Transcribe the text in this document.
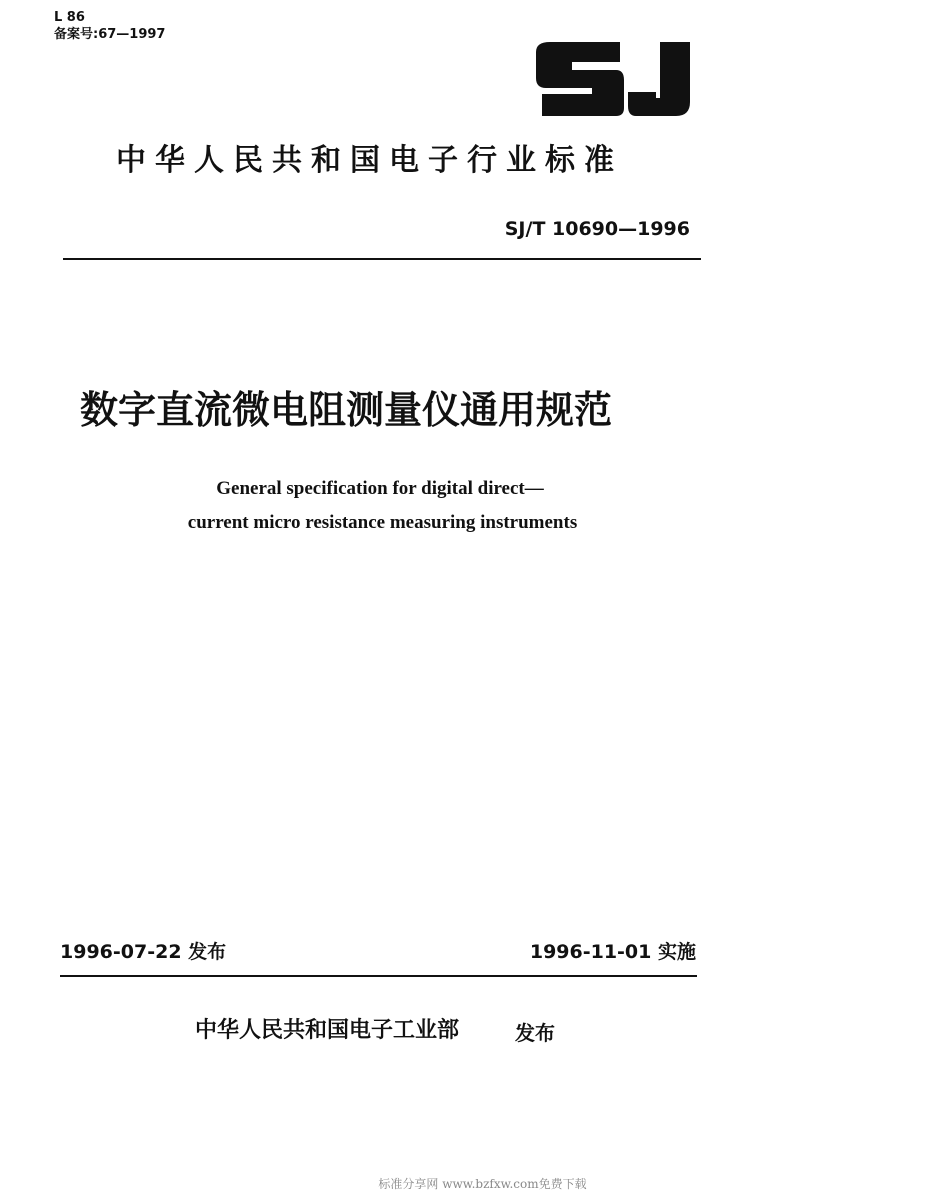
L 86
备案号:67—1997
中华人民共和国电子行业标准
SJ/T 10690—1996
数字直流微电阻测量仪通用规范
General specification for digital direct—
current micro resistance measuring instruments
1996-07-22 发布	1996-11-01 实施
中华人民共和国电子工业部	发布
标准分享网 www.bzfxw.com免费下载
